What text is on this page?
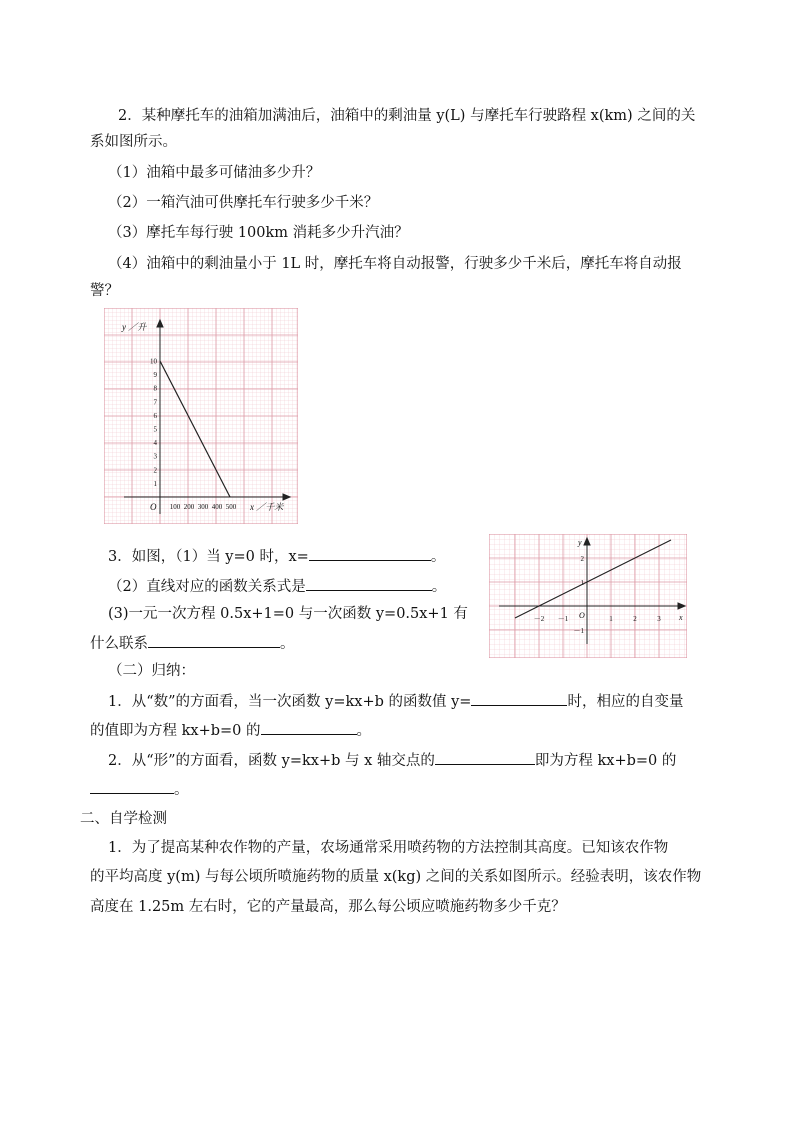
2．某种摩托车的油箱加满油后，油箱中的剩油量 y(L) 与摩托车行驶路程 x(km) 之间的关
系如图所示。
（1）油箱中最多可储油多少升？
（2）一箱汽油可供摩托车行驶多少千米？
（3）摩托车每行驶 100km 消耗多少升汽油？
（4）油箱中的剩油量小于 1L 时，摩托车将自动报警，行驶多少千米后，摩托车将自动报
警？
y ／升
x ／千米
O
1
2
3
4
5
6
7
8
9
10
100 200 300 400 500
3．如图，（1）当 y=0 时，x=	。
（2）直线对应的函数关系式是	。
(3)一元一次方程 0.5x+1=0 与一次函数 y=0.5x+1 有
什么联系	。
y
x
O
－2 －1	1	2	3
2
1
－1
（二）归纳：
1．从“数”的方面看，当一次函数 y=kx+b 的函数值 y=	时，相应的自变量
的值即为方程 kx+b=0 的	。
2．从“形”的方面看，函数 y=kx+b 与 x 轴交点的	即为方程 kx+b=0 的
。
二、自学检测
1．为了提高某种农作物的产量，农场通常采用喷药物的方法控制其高度。已知该农作物
的平均高度 y(m) 与每公顷所喷施药物的质量 x(kg) 之间的关系如图所示。经验表明，该农作物
高度在 1.25m 左右时，它的产量最高，那么每公顷应喷施药物多少千克？
